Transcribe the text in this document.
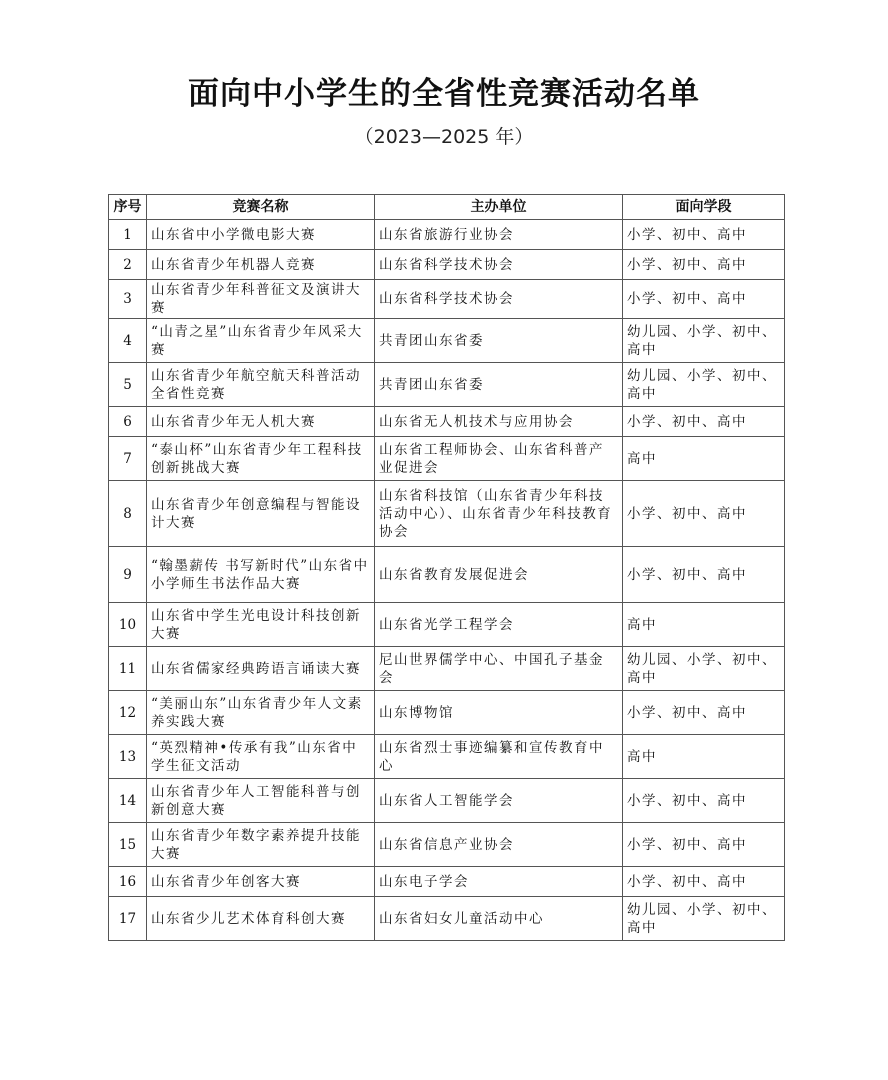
面向中小学生的全省性竞赛活动名单
（2023—2025 年）
序号	竞赛名称	主办单位	面向学段
1	山东省中小学微电影大赛	山东省旅游行业协会	小学、初中、高中
2	山东省青少年机器人竞赛	山东省科学技术协会	小学、初中、高中
3	山东省青少年科普征文及演讲大赛	山东省科学技术协会	小学、初中、高中
4	“山青之星”山东省青少年风采大赛	共青团山东省委	幼儿园、小学、初中、高中
5	山东省青少年航空航天科普活动全省性竞赛	共青团山东省委	幼儿园、小学、初中、高中
6	山东省青少年无人机大赛	山东省无人机技术与应用协会	小学、初中、高中
7	“泰山杯”山东省青少年工程科技创新挑战大赛	山东省工程师协会、山东省科普产业促进会	高中
8	山东省青少年创意编程与智能设计大赛	山东省科技馆（山东省青少年科技活动中心）、山东省青少年科技教育协会	小学、初中、高中
9	“翰墨薪传 书写新时代”山东省中小学师生书法作品大赛	山东省教育发展促进会	小学、初中、高中
10	山东省中学生光电设计科技创新大赛	山东省光学工程学会	高中
11	山东省儒家经典跨语言诵读大赛	尼山世界儒学中心、中国孔子基金会	幼儿园、小学、初中、高中
12	“美丽山东”山东省青少年人文素养实践大赛	山东博物馆	小学、初中、高中
13	“英烈精神•传承有我”山东省中学生征文活动	山东省烈士事迹编纂和宣传教育中心	高中
14	山东省青少年人工智能科普与创新创意大赛	山东省人工智能学会	小学、初中、高中
15	山东省青少年数字素养提升技能大赛	山东省信息产业协会	小学、初中、高中
16	山东省青少年创客大赛	山东电子学会	小学、初中、高中
17	山东省少儿艺术体育科创大赛	山东省妇女儿童活动中心	幼儿园、小学、初中、高中
